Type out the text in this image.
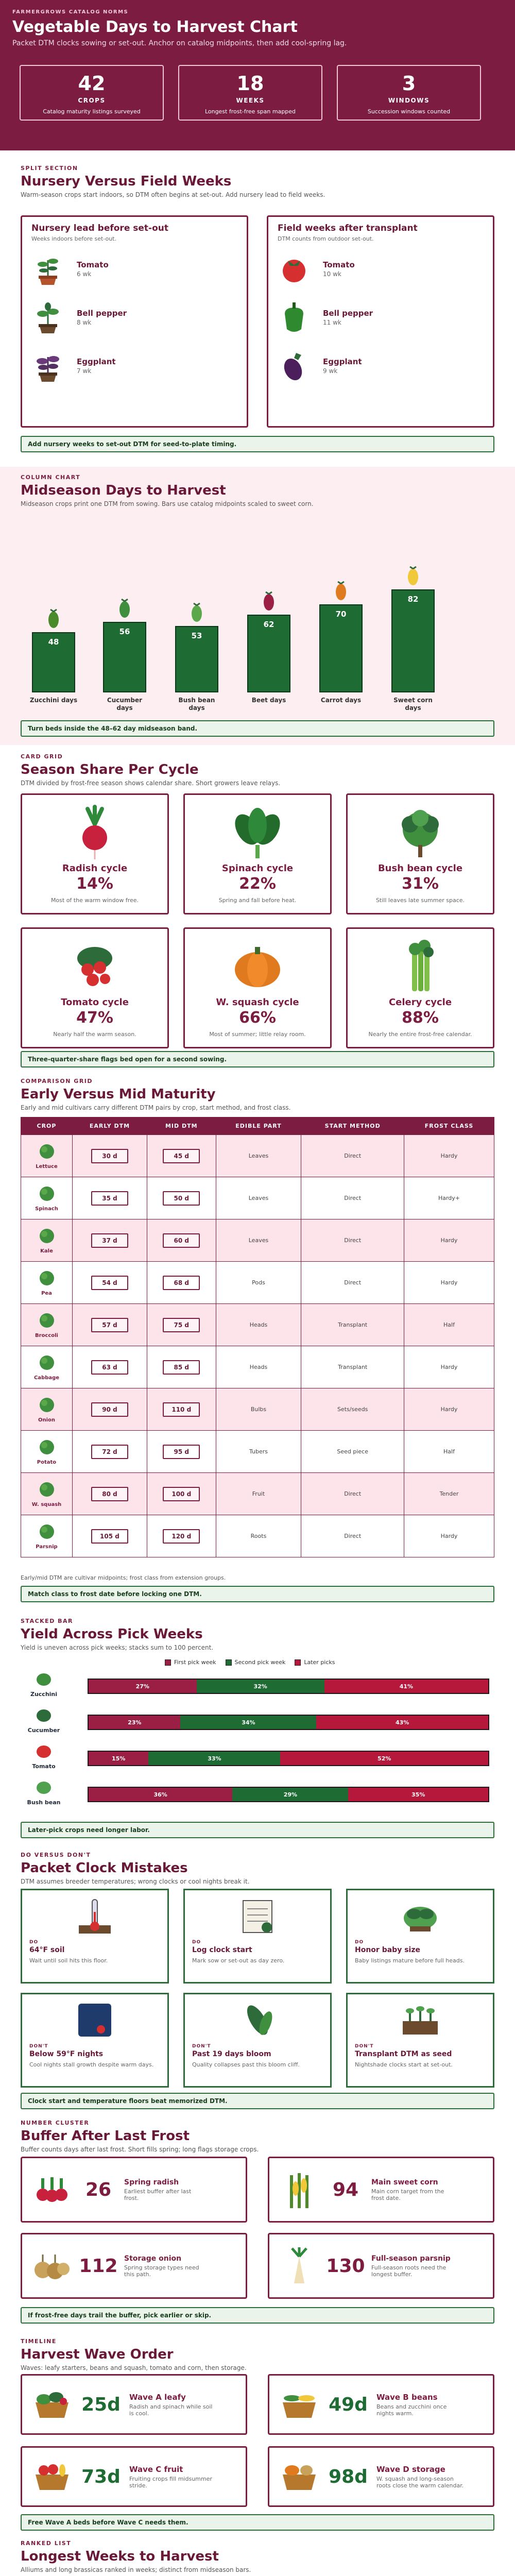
FARMERGROWS CATALOG NORMS
Vegetable Days to Harvest Chart
Packet DTM clocks sowing or set-out. Anchor on catalog midpoints, then add cool-spring lag.
42
CROPS
Catalog maturity listings surveyed
18
WEEKS
Longest frost-free span mapped
3
WINDOWS
Succession windows counted
SPLIT SECTION
Nursery Versus Field Weeks
Warm-season crops start indoors, so DTM often begins at set-out. Add nursery lead to field weeks.
Nursery lead before set-out
Weeks indoors before set-out.
Tomato
6 wk
Bell pepper
8 wk
Eggplant
7 wk
Field weeks after transplant
DTM counts from outdoor set-out.
Tomato
10 wk
Bell pepper
11 wk
Eggplant
9 wk
Add nursery weeks to set-out DTM for seed-to-plate timing.
COLUMN CHART
Midseason Days to Harvest
Midseason crops print one DTM from sowing. Bars use catalog midpoints scaled to sweet corn.
48
Zucchini days
56
Cucumber days
53
Bush bean days
62
Beet days
70
Carrot days
82
Sweet corn days
Turn beds inside the 48–62 day midseason band.
CARD GRID
Season Share Per Cycle
DTM divided by frost-free season shows calendar share. Short growers leave relays.
Radish cycle
14%
Most of the warm window free.
Spinach cycle
22%
Spring and fall before heat.
Bush bean cycle
31%
Still leaves late summer space.
Tomato cycle
47%
Nearly half the warm season.
W. squash cycle
66%
Most of summer; little relay room.
Celery cycle
88%
Nearly the entire frost-free calendar.
Three-quarter-share flags bed open for a second sowing.
COMPARISON GRID
Early Versus Mid Maturity
Early and mid cultivars carry different DTM pairs by crop, start method, and frost class.
CROP	EARLY DTM	MID DTM	EDIBLE PART	START METHOD	FROST CLASS

Lettuce	30 d	45 d	Leaves	Direct	Hardy

Spinach	35 d	50 d	Leaves	Direct	Hardy+

Kale	37 d	60 d	Leaves	Direct	Hardy

Pea	54 d	68 d	Pods	Direct	Hardy

Broccoli	57 d	75 d	Heads	Transplant	Half

Cabbage	63 d	85 d	Heads	Transplant	Hardy

Onion	90 d	110 d	Bulbs	Sets/seeds	Hardy

Potato	72 d	95 d	Tubers	Seed piece	Half

W. squash	80 d	100 d	Fruit	Direct	Tender

Parsnip	105 d	120 d	Roots	Direct	Hardy
Early/mid DTM are cultivar midpoints; frost class from extension groups.
Match class to frost date before locking one DTM.
STACKED BAR
Yield Across Pick Weeks
Yield is uneven across pick weeks; stacks sum to 100 percent.
First pick week	Second pick week	Later picks
Zucchini
27%	32%	41%
Cucumber
23%	34%	43%
Tomato
15%	33%	52%
Bush bean
36%	29%	35%
Later-pick crops need longer labor.
DO VERSUS DON'T
Packet Clock Mistakes
DTM assumes breeder temperatures; wrong clocks or cool nights break it.
DO
64°F soil
Wait until soil hits this floor.
DO
Log clock start
Mark sow or set-out as day zero.
DO
Honor baby size
Baby listings mature before full heads.
DON'T
Below 59°F nights
Cool nights stall growth despite warm days.
DON'T
Past 19 days bloom
Quality collapses past this bloom cliff.
DON'T
Transplant DTM as seed
Nightshade clocks start at set-out.
Clock start and temperature floors beat memorized DTM.
NUMBER CLUSTER
Buffer After Last Frost
Buffer counts days after last frost. Short fills spring; long flags storage crops.
26	Spring radish
Earliest buffer after last frost.	94	Main sweet corn
Main corn target from the frost date.
112 Storage onion
Spring storage types need this path.	130 Full-season parsnip
Full-season roots need the longest buffer.
If frost-free days trail the buffer, pick earlier or skip.
TIMELINE
Harvest Wave Order
Waves: leafy starters, beans and squash, tomato and corn, then storage.
25d	Wave A leafy
Radish and spinach while soil is cool.	49d	Wave B beans
Beans and zucchini once nights warm.
73d	Wave C fruit
Fruiting crops fill midsummer stride.	98d	Wave D storage
W. squash and long-season roots close the warm calendar.
Free Wave A beds before Wave C needs them.
RANKED LIST
Longest Weeks to Harvest
Alliums and long brassicas ranked in weeks; distinct from midseason bars.
